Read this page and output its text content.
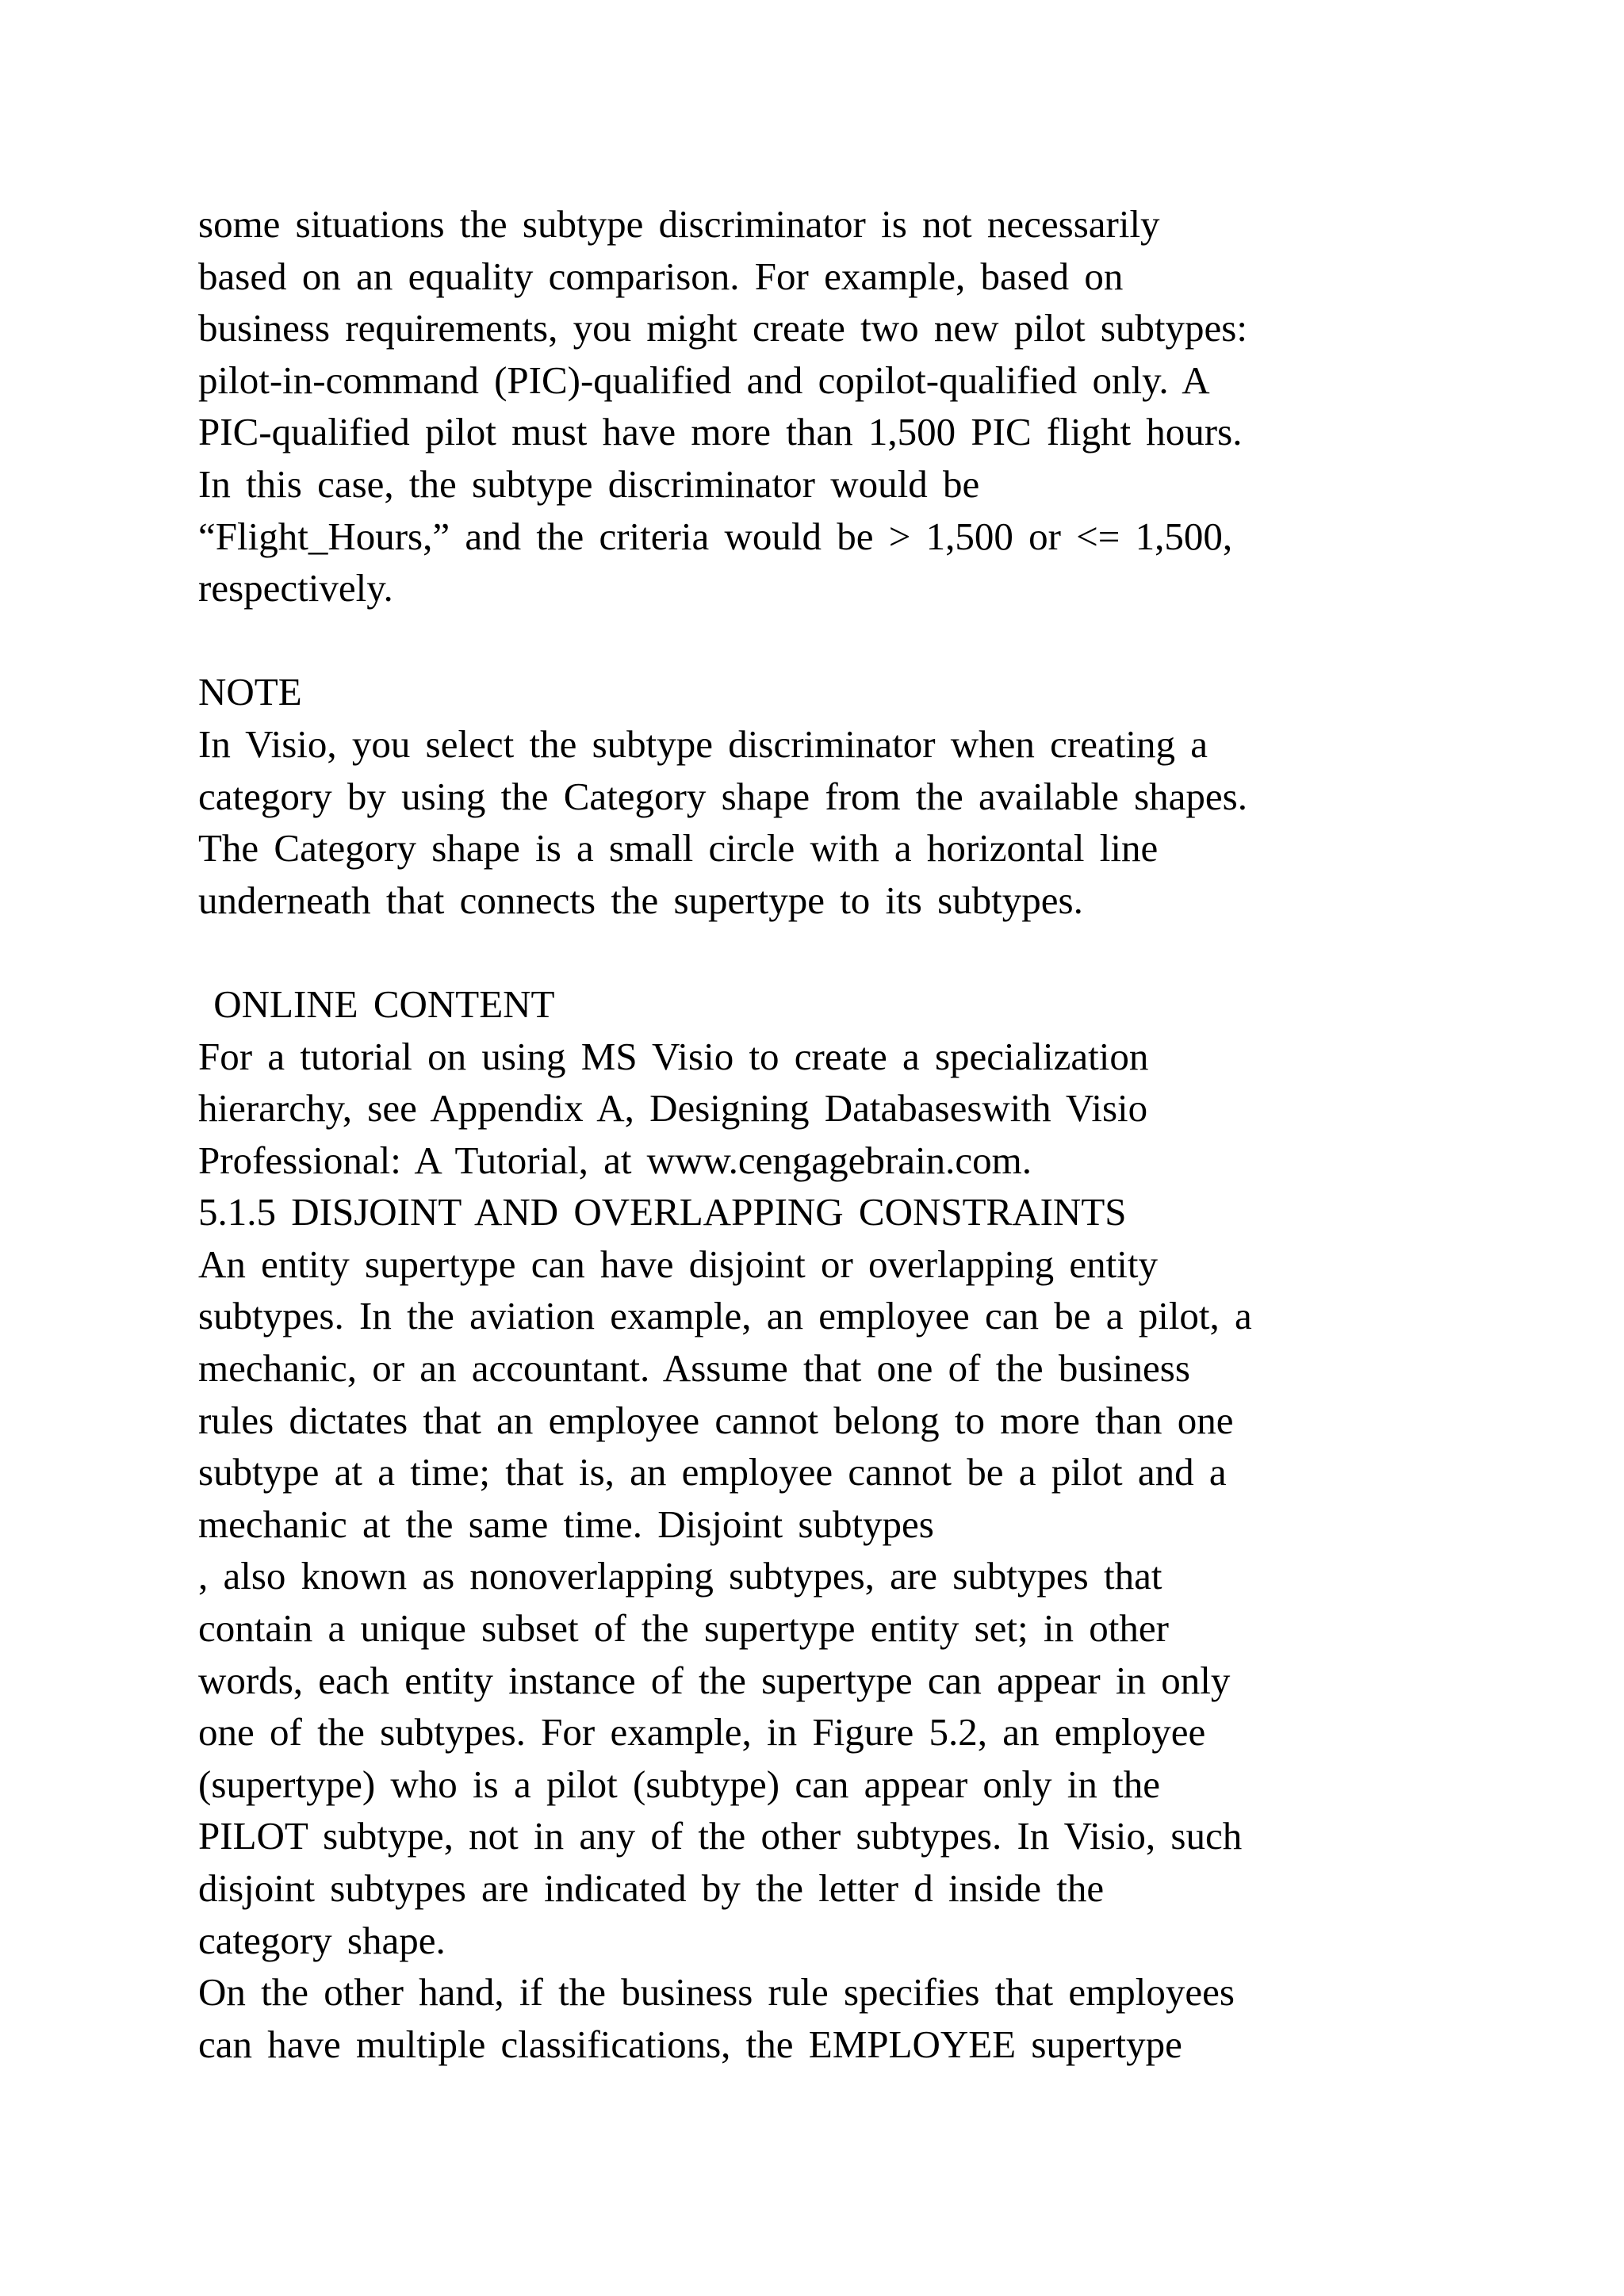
some situations the subtype discriminator is not necessarily
based on an equality comparison. For example, based on
business requirements, you might create two new pilot subtypes:
pilot-in-command (PIC)-qualified and copilot-qualified only. A
PIC-qualified pilot must have more than 1,500 PIC flight hours.
In this case, the subtype discriminator would be
“Flight_Hours,” and the criteria would be > 1,500 or <= 1,500,
respectively.
NOTE
In Visio, you select the subtype discriminator when creating a
category by using the Category shape from the available shapes.
The Category shape is a small circle with a horizontal line
underneath that connects the supertype to its subtypes.
ONLINE CONTENT
For a tutorial on using MS Visio to create a specialization
hierarchy, see Appendix A, Designing Databaseswith Visio
Professional: A Tutorial, at www.cengagebrain.com.
5.1.5 DISJOINT AND OVERLAPPING CONSTRAINTS
An entity supertype can have disjoint or overlapping entity
subtypes. In the aviation example, an employee can be a pilot, a
mechanic, or an accountant. Assume that one of the business
rules dictates that an employee cannot belong to more than one
subtype at a time; that is, an employee cannot be a pilot and a
mechanic at the same time. Disjoint subtypes
, also known as nonoverlapping subtypes, are subtypes that
contain a unique subset of the supertype entity set; in other
words, each entity instance of the supertype can appear in only
one of the subtypes. For example, in Figure 5.2, an employee
(supertype) who is a pilot (subtype) can appear only in the
PILOT subtype, not in any of the other subtypes. In Visio, such
disjoint subtypes are indicated by the letter d inside the
category shape.
On the other hand, if the business rule specifies that employees
can have multiple classifications, the EMPLOYEE supertype
